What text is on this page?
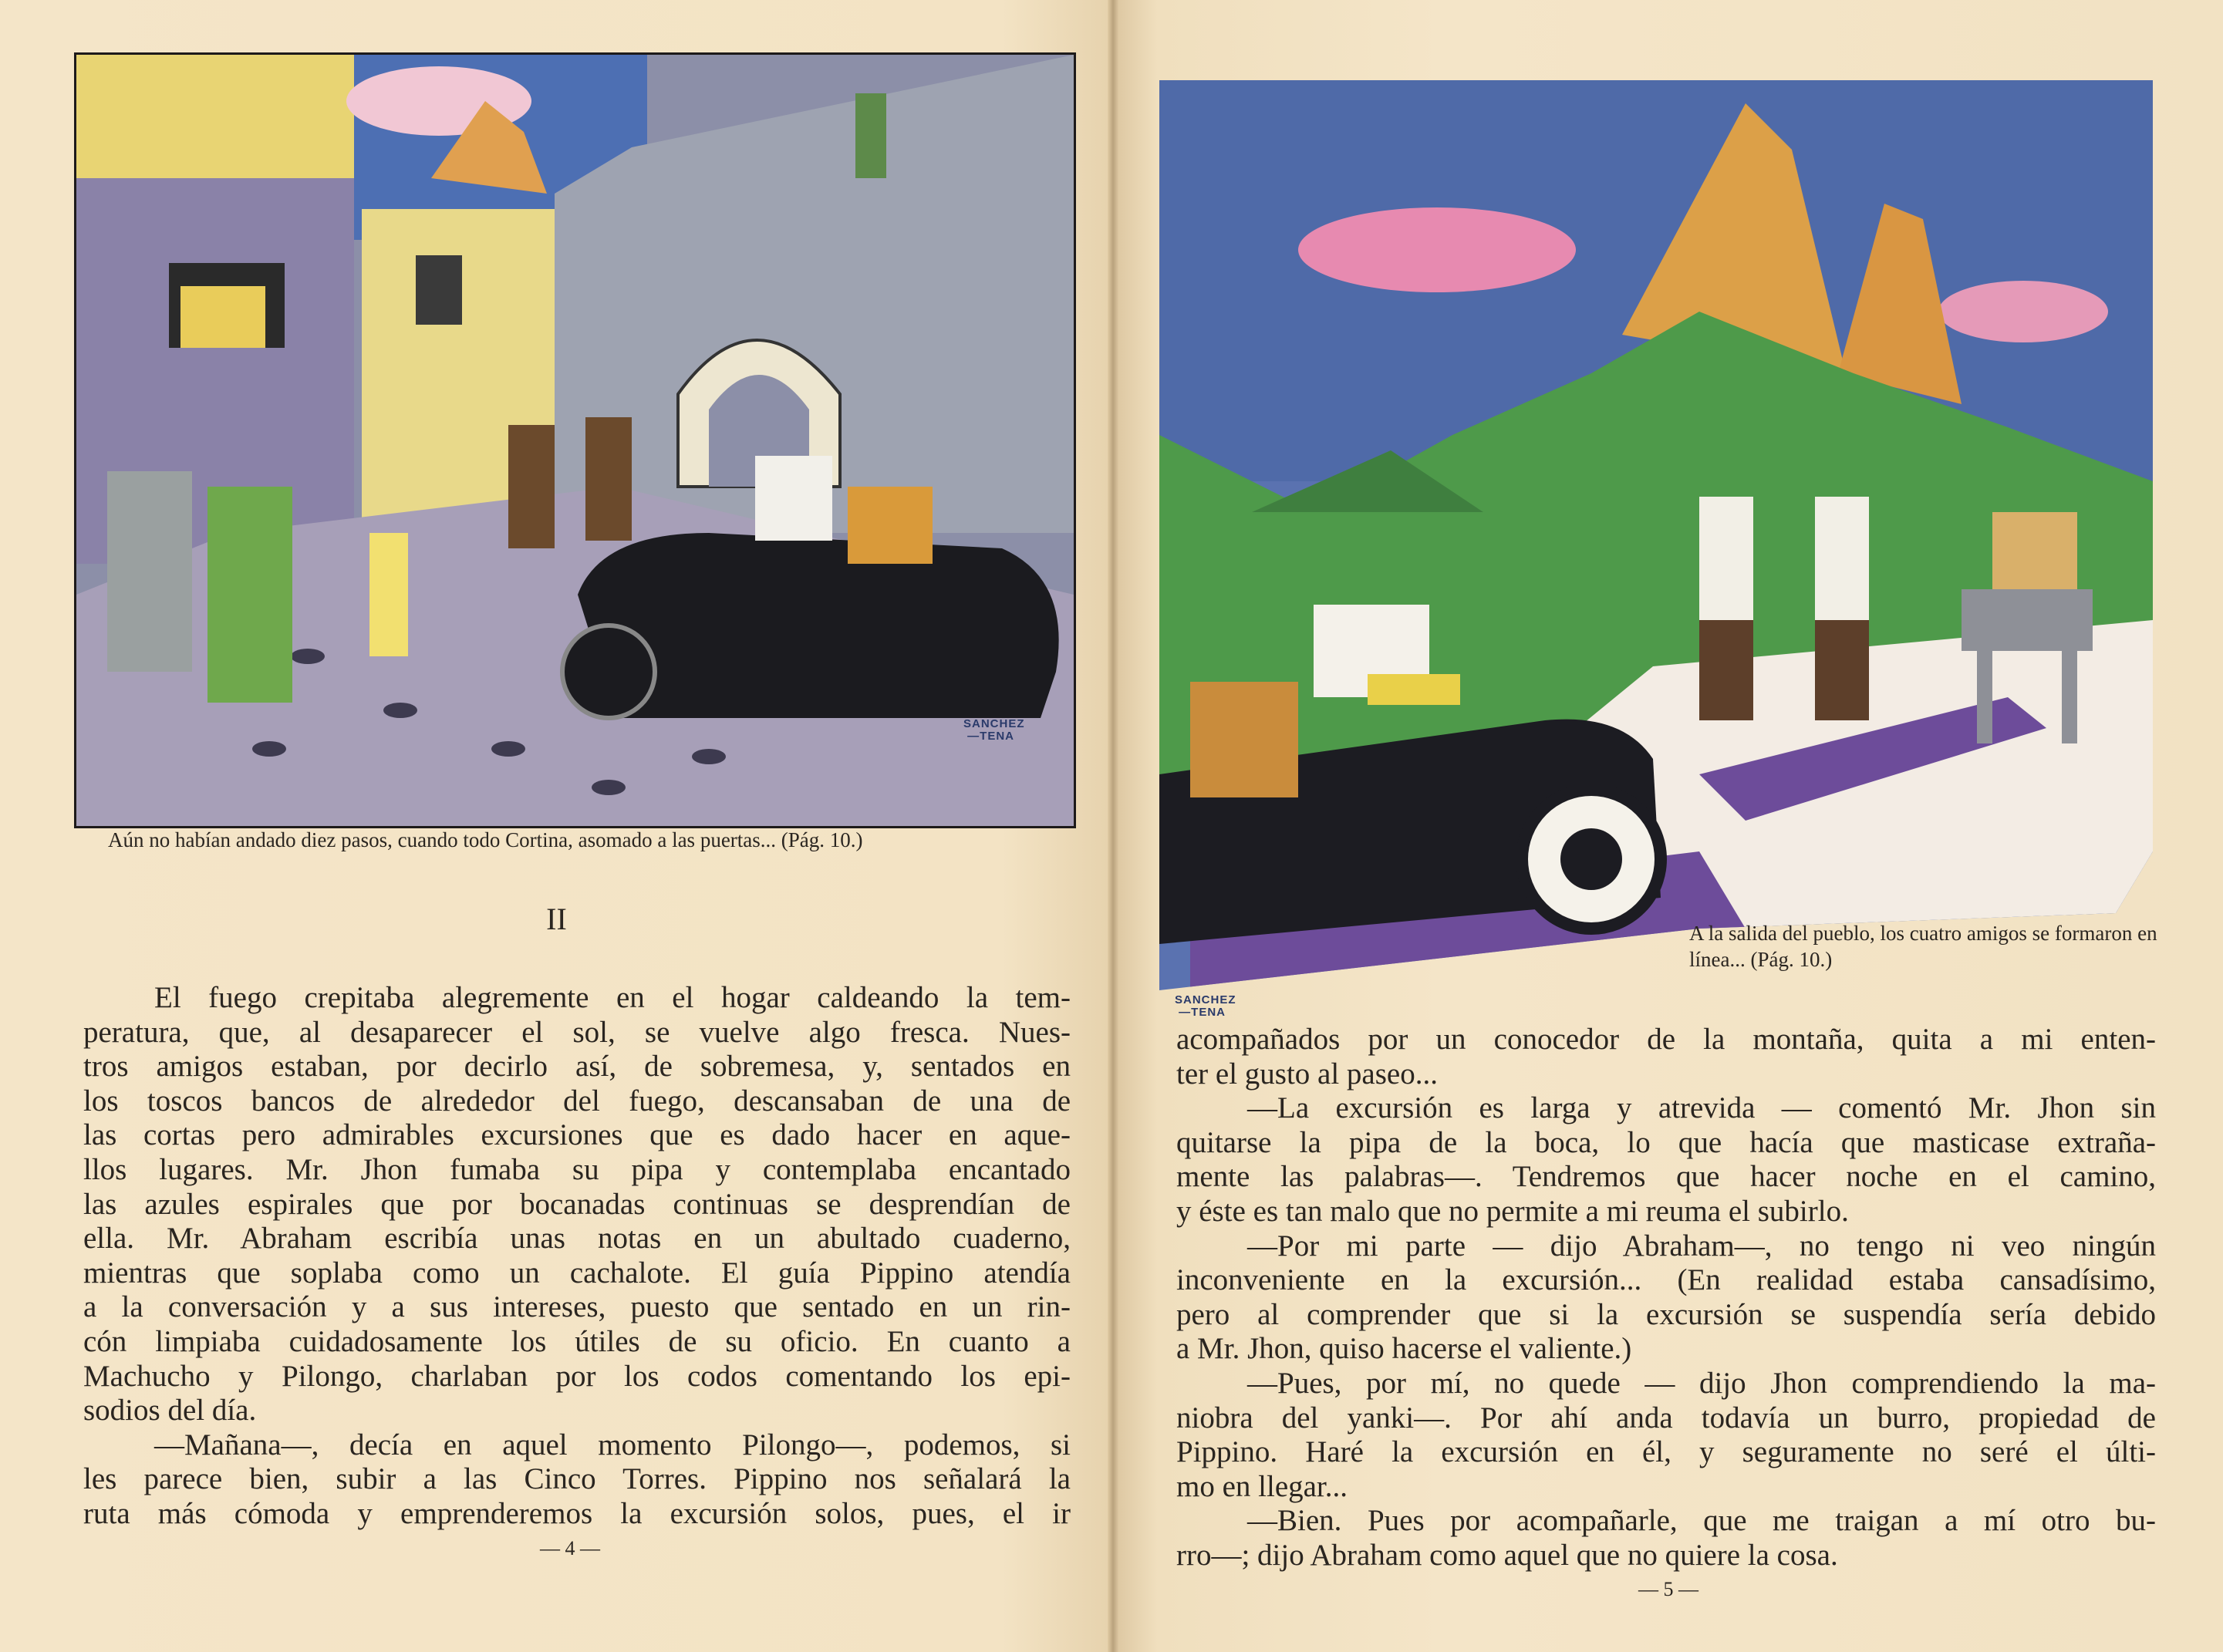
SANCHEZ
—TENA
Aún no habían andado diez pasos, cuando todo Cortina, asomado a las puertas... (Pág. 10.)
II
El fuego crepitaba alegremente en el hogar caldeando la tem-
peratura, que, al desaparecer el sol, se vuelve algo fresca. Nues-
tros amigos estaban, por decirlo así, de sobremesa, y, sentados en
los toscos bancos de alrededor del fuego, descansaban de una de
las cortas pero admirables excursiones que es dado hacer en aque-
llos lugares. Mr. Jhon fumaba su pipa y contemplaba encantado
las azules espirales que por bocanadas continuas se desprendían de
ella. Mr. Abraham escribía unas notas en un abultado cuaderno,
mientras que soplaba como un cachalote. El guía Pippino atendía
a la conversación y a sus intereses, puesto que sentado en un rin-
cón limpiaba cuidadosamente los útiles de su oficio. En cuanto a
Machucho y Pilongo, charlaban por los codos comentando los epi-
sodios del día.
—Mañana—, decía en aquel momento Pilongo—, podemos, si
les parece bien, subir a las Cinco Torres. Pippino nos señalará la
ruta más cómoda y emprenderemos la excursión solos, pues, el ir
— 4 —
SANCHEZ
—TENA
A la salida del pueblo, los cuatro amigos se formaron en línea... (Pág. 10.)
acompañados por un conocedor de la montaña, quita a mi enten-
ter el gusto al paseo...
—La excursión es larga y atrevida — comentó Mr. Jhon sin
quitarse la pipa de la boca, lo que hacía que masticase extraña-
mente las palabras—. Tendremos que hacer noche en el camino,
y éste es tan malo que no permite a mi reuma el subirlo.
—Por mi parte — dijo Abraham—, no tengo ni veo ningún
inconveniente en la excursión... (En realidad estaba cansadísimo,
pero al comprender que si la excursión se suspendía sería debido
a Mr. Jhon, quiso hacerse el valiente.)
—Pues, por mí, no quede — dijo Jhon comprendiendo la ma-
niobra del yanki—. Por ahí anda todavía un burro, propiedad de
Pippino. Haré la excursión en él, y seguramente no seré el últi-
mo en llegar...
—Bien. Pues por acompañarle, que me traigan a mí otro bu-
rro—; dijo Abraham como aquel que no quiere la cosa.
— 5 —
